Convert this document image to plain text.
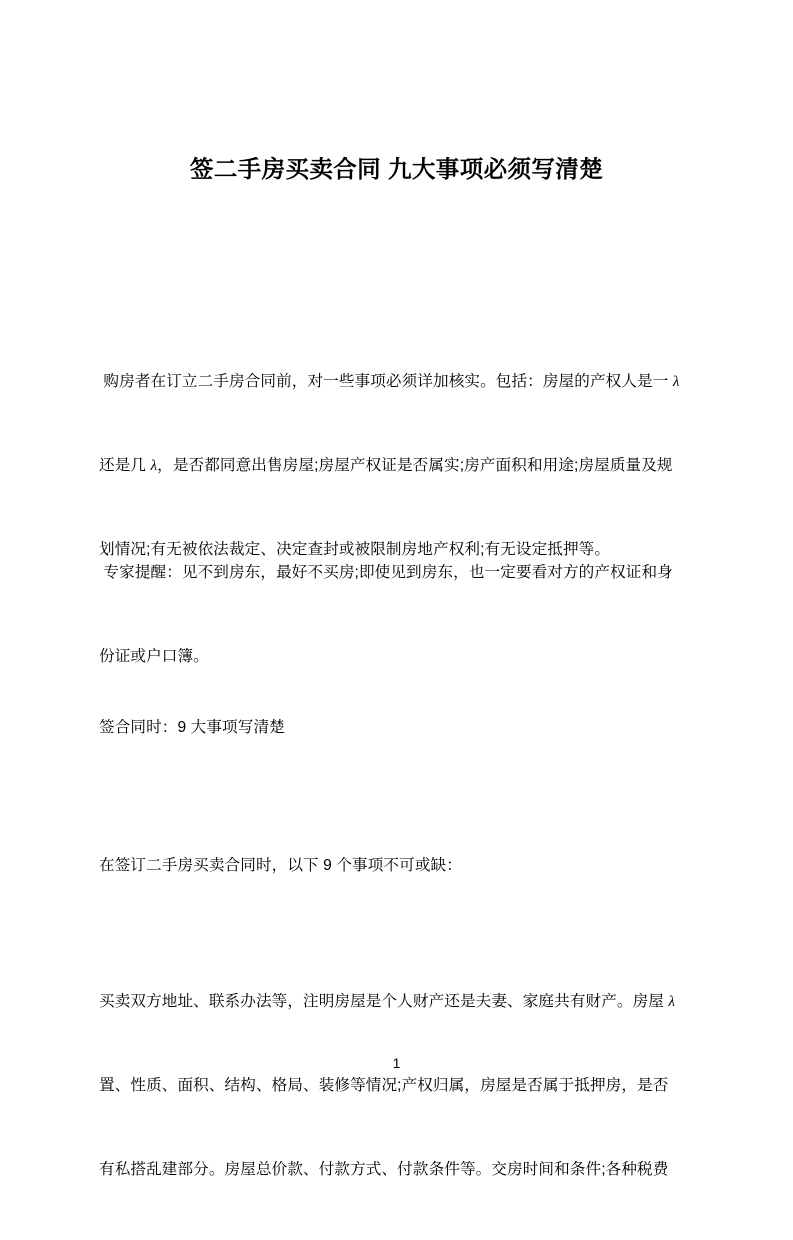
签二手房买卖合同 九大事项必须写清楚

购房者在订立二手房合同前，对一些事项必须详加核实。包括：房屋的产权人是一 λ

还是几 λ，是否都同意出售房屋;房屋产权证是否属实;房产面积和用途;房屋质量及规

划情况;有无被依法裁定、决定查封或被限制房地产权利;有无设定抵押等。

专家提醒：见不到房东，最好不买房;即使见到房东，也一定要看对方的产权证和身

份证或户口簿。

签合同时：9 大事项写清楚

在签订二手房买卖合同时，以下 9 个事项不可或缺：

买卖双方地址、联系办法等，注明房屋是个人财产还是夫妻、家庭共有财产。房屋 λ

置、性质、面积、结构、格局、装修等情况;产权归属，房屋是否属于抵押房，是否

有私搭乱建部分。房屋总价款、付款方式、付款条件等。交房时间和条件;各种税费

1
